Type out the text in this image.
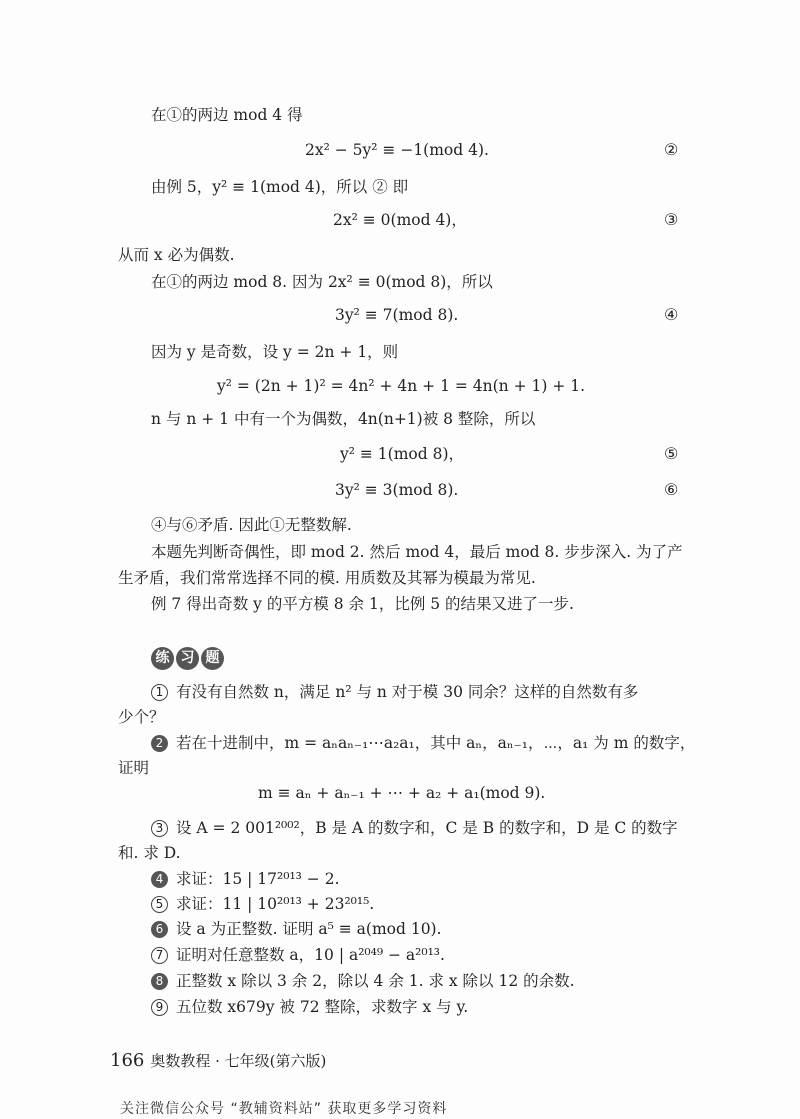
在①的两边 mod 4 得
2x² − 5y² ≡ −1(mod 4).	②
由例 5，y² ≡ 1(mod 4)，所以 ② 即
2x² ≡ 0(mod 4)，	③
从而 x 必为偶数.
在①的两边 mod 8. 因为 2x² ≡ 0(mod 8)，所以
3y² ≡ 7(mod 8).	④
因为 y 是奇数，设 y = 2n + 1，则
y² = (2n + 1)² = 4n² + 4n + 1 = 4n(n + 1) + 1.
n 与 n + 1 中有一个为偶数，4n(n+1)被 8 整除，所以
y² ≡ 1(mod 8)，	⑤
3y² ≡ 3(mod 8).	⑥
④与⑥矛盾. 因此①无整数解.
本题先判断奇偶性，即 mod 2. 然后 mod 4，最后 mod 8. 步步深入. 为了产
生矛盾，我们常常选择不同的模. 用质数及其幂为模最为常见.
例 7 得出奇数 y 的平方模 8 余 1，比例 5 的结果又进了一步.
练 习 题
1 有没有自然数 n，满足 n² 与 n 对于模 30 同余？这样的自然数有多
少个？
2 若在十进制中，m = aₙaₙ₋₁⋯a₂a₁，其中 aₙ，aₙ₋₁，⋯，a₁ 为 m 的数字，
证明
m ≡ aₙ + aₙ₋₁ + ⋯ + a₂ + a₁(mod 9).
3 设 A = 2 001²⁰⁰²，B 是 A 的数字和，C 是 B 的数字和，D 是 C 的数字
和. 求 D.
4 求证：15 | 17²⁰¹³ − 2.
5 求证：11 | 10²⁰¹³ + 23²⁰¹⁵.
6 设 a 为正整数. 证明 a⁵ ≡ a(mod 10).
7 证明对任意整数 a，10 | a²⁰⁴⁹ − a²⁰¹³.
8 正整数 x 除以 3 余 2，除以 4 余 1. 求 x 除以 12 的余数.
9 五位数 x679y 被 72 整除，求数字 x 与 y.
166 奥数教程 · 七年级(第六版)
关注微信公众号 “教辅资料站” 获取更多学习资料
